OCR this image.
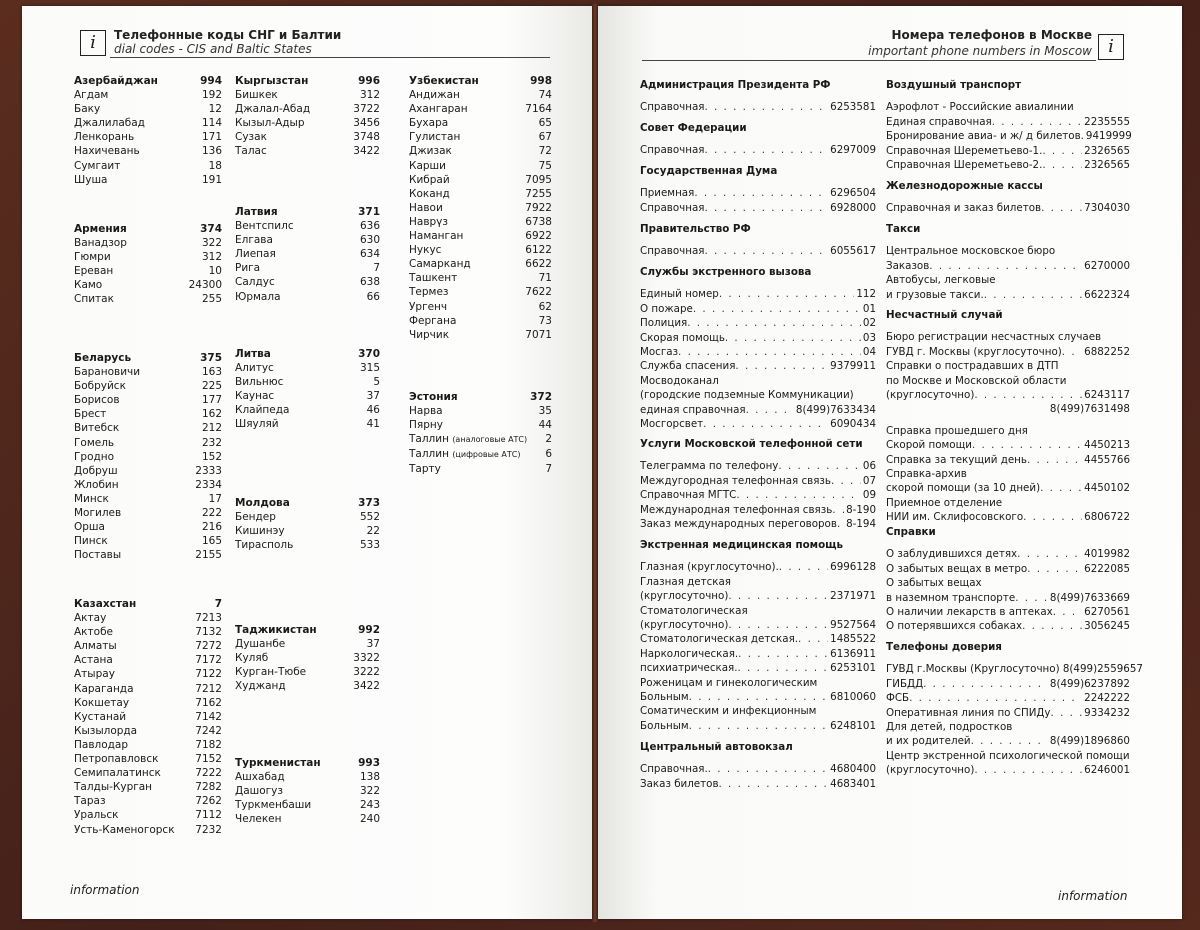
i	Телефонные коды СНГ и Балтии
dial codes - CIS and Baltic States
Азербайджан	994
Агдам	192
Баку	12
Джалилабад	114
Ленкорань	171
Нахичевань	136
Сумгаит	18
Шуша	191
Армения	374
Ванадзор	322
Гюмри	312
Ереван	10
Камо	24300
Спитак	255
Беларусь	375
Барановичи	163
Бобруйск	225
Борисов	177
Брест	162
Витебск	212
Гомель	232
Гродно	152
Добруш	2333
Жлобин	2334
Минск	17
Могилев	222
Орша	216
Пинск	165
Поставы	2155
Казахстан	7
Актау	7213
Актобе	7132
Алматы	7272
Астана	7172
Атырау	7122
Караганда	7212
Кокшетау	7162
Кустанай	7142
Кызылорда	7242
Павлодар	7182
Петропавловск	7152
Семипалатинск	7222
Талды-Курган	7282
Тараз	7262
Уральск	7112
Усть-Каменогорск 7232
Кыргызстан	996
Бишкек	312
Джалал-Абад	3722
Кызыл-Адыр	3456
Сузак	3748
Талас	3422
Латвия	371
Вентспилс	636
Елгава	630
Лиепая	634
Рига	7
Салдус	638
Юрмала	66
Литва	370
Алитус	315
Вильнюс	5
Каунас	37
Клайпеда	46
Шяуляй	41
Молдова	373
Бендер	552
Кишинэу	22
Тирасполь	533
Таджикистан	992
Душанбе	37
Куляб	3322
Курган-Тюбе	3222
Худжанд	3422
Туркменистан	993
Ашхабад	138
Дашогуз	322
Туркменбаши	243
Челекен	240
Узбекистан	998
Андижан	74
Ахангаран	7164
Бухара	65
Гулистан	67
Джизак	72
Карши	75
Кибрай	7095
Коканд	7255
Навои	7922
Наврүз	6738
Наманган	6922
Нукус	6122
Самарканд	6622
Ташкент	71
Термез	7622
Ургенч	62
Фергана	73
Чирчик	7071
Эстония	372
Нарва	35
Пярну	44
Таллин (аналоговые АТС) 2
Таллин (цифровые АТС) 6
Тарту	7
information
Номера телефонов в Москве
important phone numbers in Moscow i
Администрация Президента РФ
Справочная . . .	6253581
Совет Федерации
Справочная . . .	6297009
Государственная Дума
Приемная . . .	6296504
Справочная . . .	6928000
Правительство РФ
Справочная . . .	6055617
Службы экстренного вызова
Единый номер . . .	112
О пожаре . . .	01
Полиция . . .	02
Скорая помощь . . .	03
Мосгаз . . .	04
Служба спасения . . .	9379911
Мосводоканал
(городские подземные Коммуникации)
единая справочная . . .	8(499)7633434
Мосгорсвет . . .	6090434
Услуги Московской телефонной сети
Телеграмма по телефону . . .	06
Междугородная телефонная связь . . .	07
Справочная МГТС . . .	09
Международная телефонная связь . . . 8-190
Заказ международных переговоров . . . 8-194
Экстренная медицинская помощь
Глазная (круглосуточно). . . .	6996128
Глазная детская
(круглосуточно) . . .	2371971
Стоматологическая
(круглосуточно) . . .	9527564
Стоматологическая детская. . . .	1485522
Наркологическая. . . .	6136911
психиатрическая. . . .	6253101
Роженицам и гинекологическим
Больным . . .	6810060
Соматическим и инфекционным
Больным . . .	6248101
Центральный автовокзал
Справочная. . . .	4680400
Заказ билетов . . .	4683401
Воздушный транспорт
Аэрофлот - Российские авиалинии
Единая справочная . . .	2235555
Бронирование авиа- и ж/ д билетов. 9419999
Справочная Шереметьево-1. . . .	2326565
Справочная Шереметьево-2. . . .	2326565
Железнодорожные кассы
Справочная и заказ билетов . . .	7304030
Такси
Центральное московское бюро
Заказов . . .	6270000
Автобусы, легковые
и грузовые такси. . . .	6622324
Несчастный случай
Бюро регистрации несчастных случаев
ГУВД г. Москвы (круглосуточно) . . . 6882252
Справки о пострадавших в ДТП
по Москве и Московской области
(круглосуточно) . . .	6243117
8(499)7631498
Справка прошедшего дня
Скорой помощи . . .	4450213
Справка за текущий день . . .	4455766
Справка-архив
скорой помощи (за 10 дней) . . .	4450102
Приемное отделение
НИИ им. Склифосовского . . .	6806722
Справки
О заблудившихся детях . . .	4019982
О забытых вещах в метро . . .	6222085
О забытых вещах
в наземном транспорте . . .	8(499)7633669
О наличии лекарств в аптеках . . .	6270561
О потерявшихся собаках . . .	3056245
Телефоны доверия
ГУВД г.Москвы (Круглосуточно) 8(499)2559657
ГИБДД . . .	8(499)6237892
ФСБ . . .	2242222
Оперативная линия по СПИДу . . .	9334232
Для детей, подростков
и их родителей . . .	8(499)1896860
Центр экстренной психологической помощи
(круглосуточно) . . .	6246001
information
